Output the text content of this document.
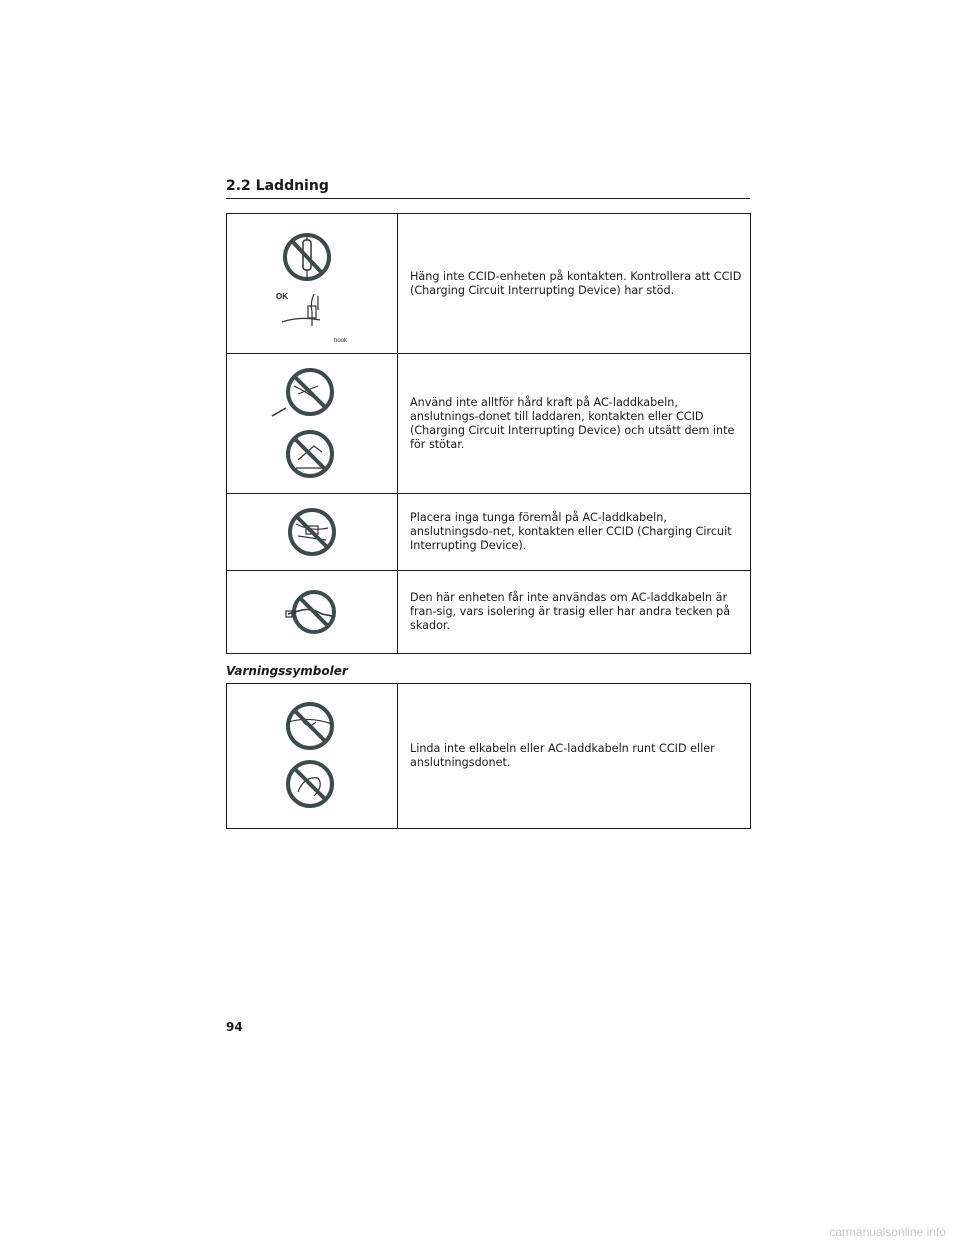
2.2 Laddning
OK
hook	Häng inte CCID-enheten på kontakten. Kontrollera att CCID (Charging Circuit Interrupting Device) har stöd.

	Använd inte alltför hård kraft på AC-laddkabeln, anslutnings-donet till laddaren, kontakten eller CCID (Charging Circuit Interrupting Device) och utsätt dem inte för stötar.

	Placera inga tunga föremål på AC-laddkabeln, anslutningsdo-net, kontakten eller CCID (Charging Circuit Interrupting Device).

	Den här enheten får inte användas om AC-laddkabeln är fran-sig, vars isolering är trasig eller har andra tecken på skador.
Varningssymboler
	Linda inte elkabeln eller AC-laddkabeln runt CCID eller anslutningsdonet.
94
carmanualsonline.info
